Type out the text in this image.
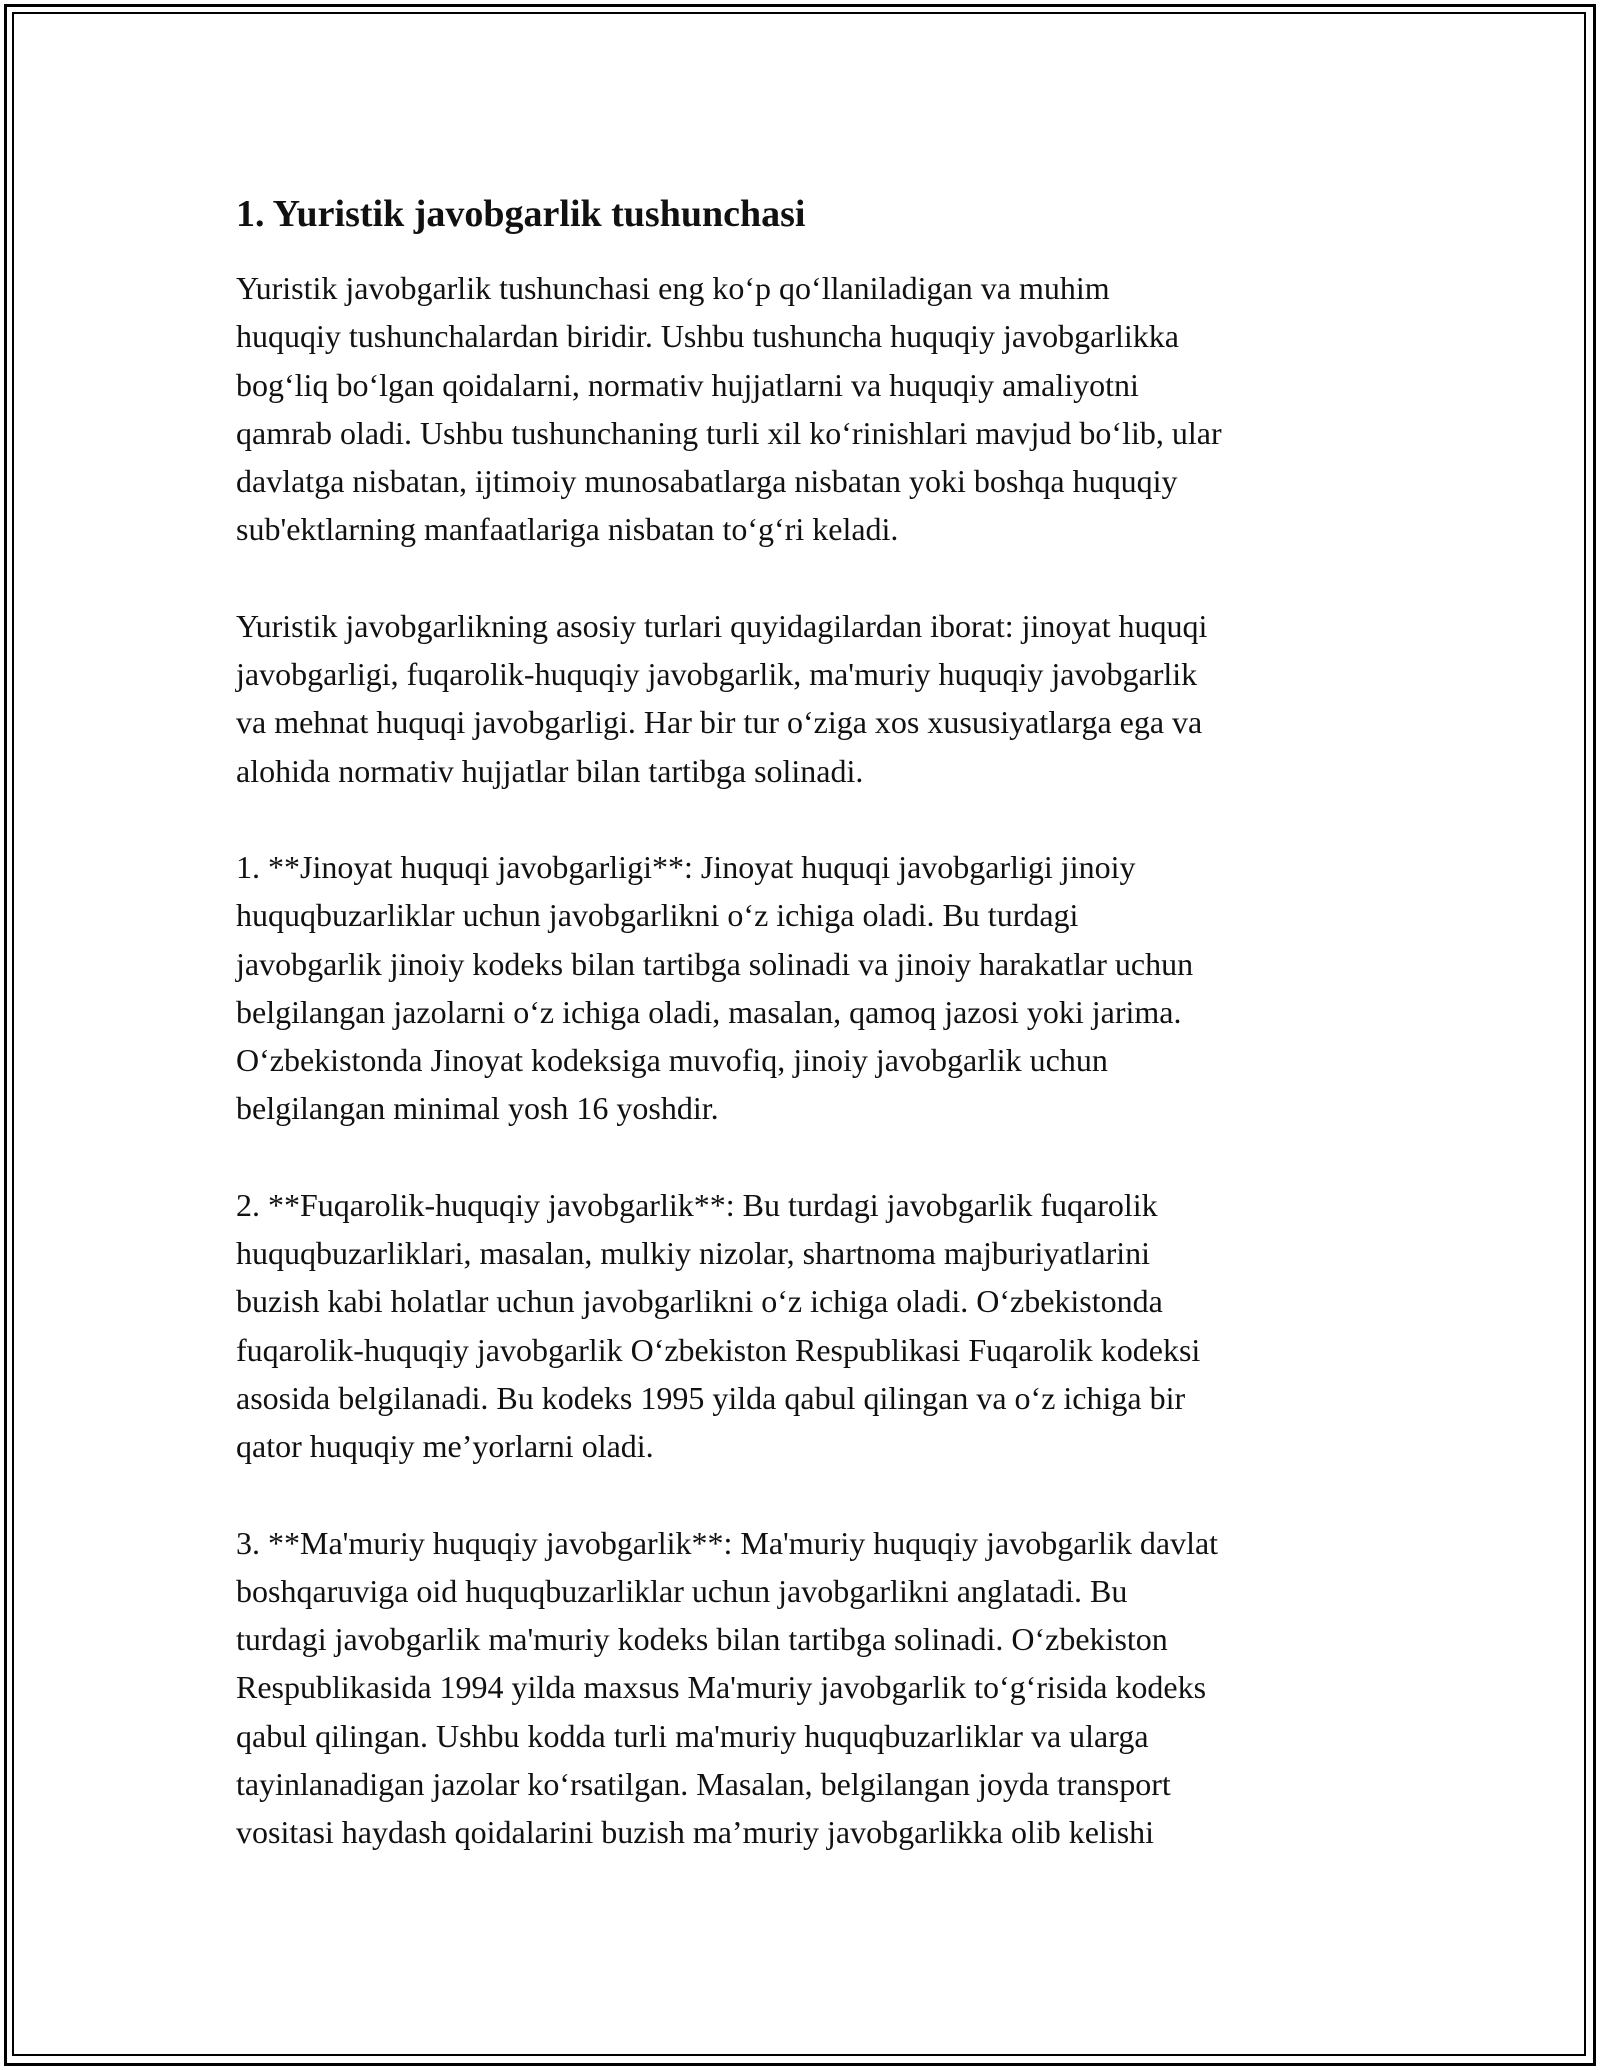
1. Yuristik javobgarlik tushunchasi
Yuristik javobgarlik tushunchasi eng ko‘p qo‘llaniladigan va muhim
huquqiy tushunchalardan biridir. Ushbu tushuncha huquqiy javobgarlikka
bog‘liq bo‘lgan qoidalarni, normativ hujjatlarni va huquqiy amaliyotni
qamrab oladi. Ushbu tushunchaning turli xil ko‘rinishlari mavjud bo‘lib, ular
davlatga nisbatan, ijtimoiy munosabatlarga nisbatan yoki boshqa huquqiy
sub'ektlarning manfaatlariga nisbatan to‘g‘ri keladi.
Yuristik javobgarlikning asosiy turlari quyidagilardan iborat: jinoyat huquqi
javobgarligi, fuqarolik-huquqiy javobgarlik, ma'muriy huquqiy javobgarlik
va mehnat huquqi javobgarligi. Har bir tur o‘ziga xos xususiyatlarga ega va
alohida normativ hujjatlar bilan tartibga solinadi.
1. **Jinoyat huquqi javobgarligi**: Jinoyat huquqi javobgarligi jinoiy
huquqbuzarliklar uchun javobgarlikni o‘z ichiga oladi. Bu turdagi
javobgarlik jinoiy kodeks bilan tartibga solinadi va jinoiy harakatlar uchun
belgilangan jazolarni o‘z ichiga oladi, masalan, qamoq jazosi yoki jarima.
O‘zbekistonda Jinoyat kodeksiga muvofiq, jinoiy javobgarlik uchun
belgilangan minimal yosh 16 yoshdir.
2. **Fuqarolik-huquqiy javobgarlik**: Bu turdagi javobgarlik fuqarolik
huquqbuzarliklari, masalan, mulkiy nizolar, shartnoma majburiyatlarini
buzish kabi holatlar uchun javobgarlikni o‘z ichiga oladi. O‘zbekistonda
fuqarolik-huquqiy javobgarlik O‘zbekiston Respublikasi Fuqarolik kodeksi
asosida belgilanadi. Bu kodeks 1995 yilda qabul qilingan va o‘z ichiga bir
qator huquqiy me’yorlarni oladi.
3. **Ma'muriy huquqiy javobgarlik**: Ma'muriy huquqiy javobgarlik davlat
boshqaruviga oid huquqbuzarliklar uchun javobgarlikni anglatadi. Bu
turdagi javobgarlik ma'muriy kodeks bilan tartibga solinadi. O‘zbekiston
Respublikasida 1994 yilda maxsus Ma'muriy javobgarlik to‘g‘risida kodeks
qabul qilingan. Ushbu kodda turli ma'muriy huquqbuzarliklar va ularga
tayinlanadigan jazolar ko‘rsatilgan. Masalan, belgilangan joyda transport
vositasi haydash qoidalarini buzish ma’muriy javobgarlikka olib kelishi
